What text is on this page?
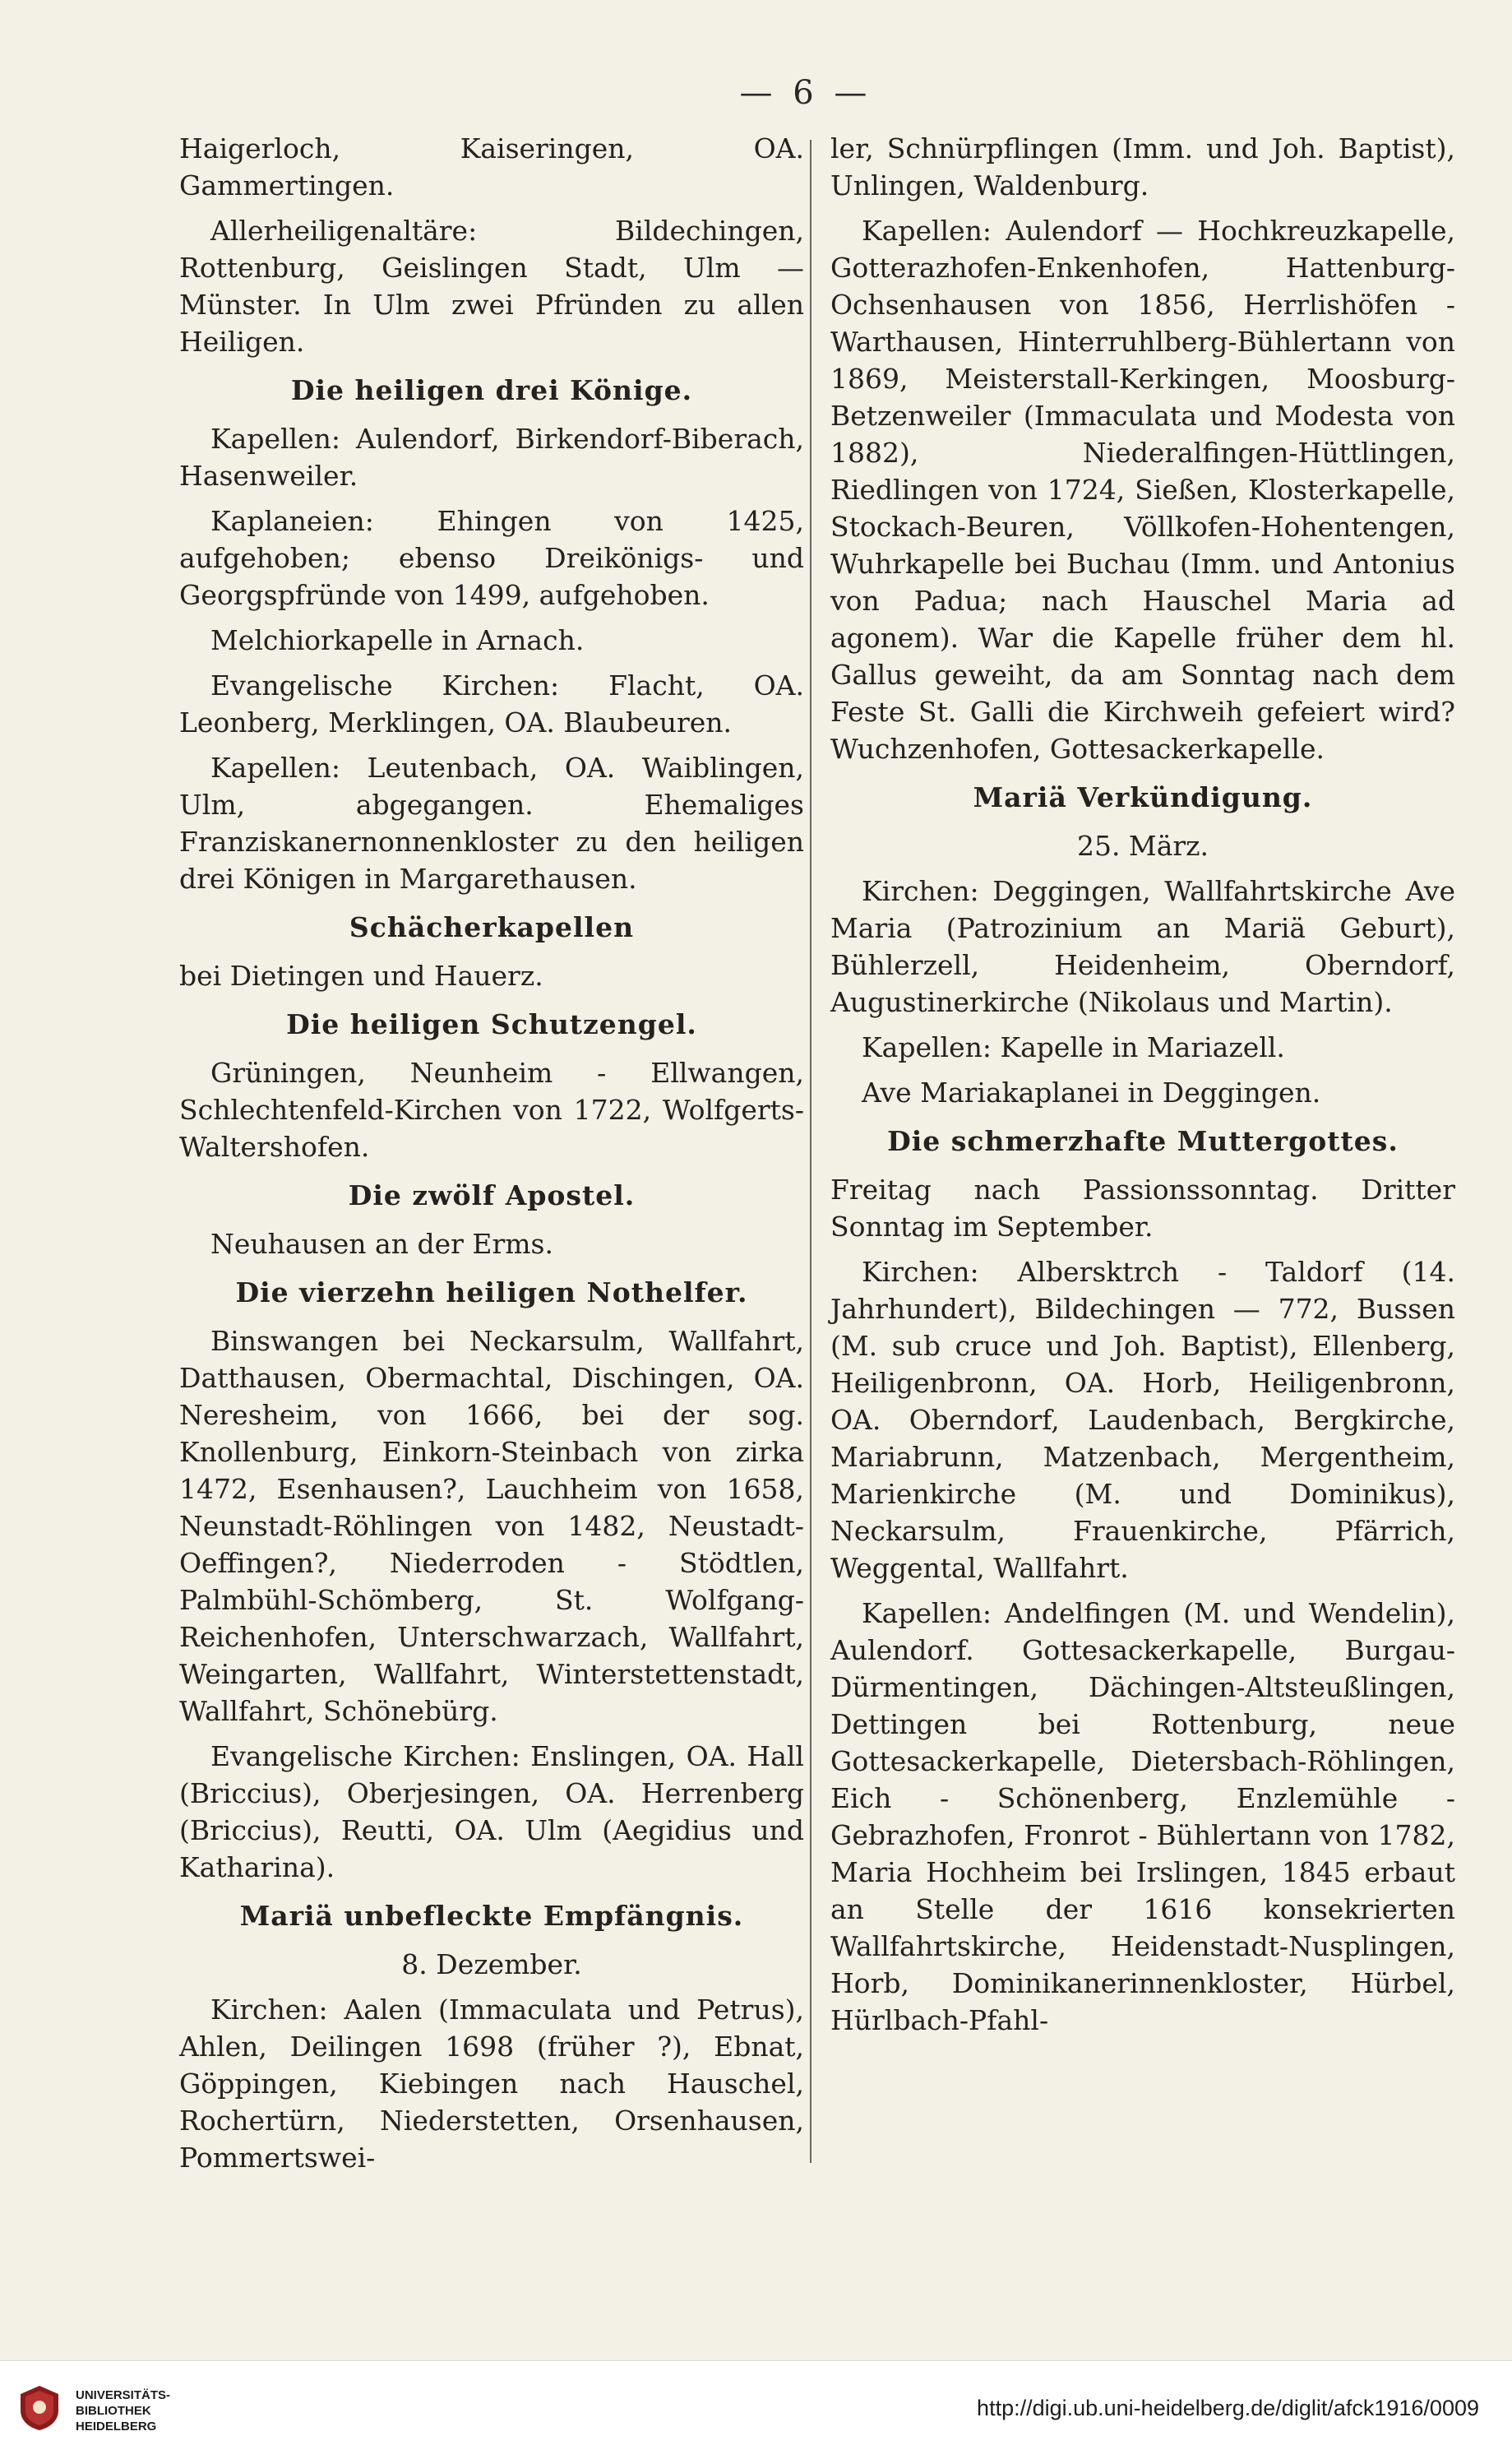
— 6 —

Haigerloch, Kaiseringen, OA. Gammertingen.

Allerheiligenaltäre: Bildechingen, Rottenburg, Geislingen Stadt, Ulm — Münster. In Ulm zwei Pfründen zu allen Heiligen.

Die heiligen drei Könige.

Kapellen: Aulendorf, Birkendorf-Biberach, Hasenweiler.

Kaplaneien: Ehingen von 1425, aufgehoben; ebenso Dreikönigs- und Georgspfründe von 1499, aufgehoben.

Melchiorkapelle in Arnach.

Evangelische Kirchen: Flacht, OA. Leonberg, Merklingen, OA. Blaubeuren.

Kapellen: Leutenbach, OA. Waiblingen, Ulm, abgegangen. Ehemaliges Franziskanernonnenkloster zu den heiligen drei Königen in Margarethausen.

Schächerkapellen

bei Dietingen und Hauerz.

Die heiligen Schutzengel.

Grüningen, Neunheim - Ellwangen, Schlechtenfeld-Kirchen von 1722, Wolfgerts-Waltershofen.

Die zwölf Apostel.

Neuhausen an der Erms.

Die vierzehn heiligen Nothelfer.

Binswangen bei Neckarsulm, Wallfahrt, Datthausen, Obermachtal, Dischingen, OA. Neresheim, von 1666, bei der sog. Knollenburg, Einkorn-Steinbach von zirka 1472, Esenhausen?, Lauchheim von 1658, Neunstadt-Röhlingen von 1482, Neustadt-Oeffingen?, Niederroden - Stödtlen, Palmbühl-Schömberg, St. Wolfgang-Reichenhofen, Unterschwarzach, Wallfahrt, Weingarten, Wallfahrt, Winterstettenstadt, Wallfahrt, Schönebürg.

Evangelische Kirchen: Enslingen, OA. Hall (Briccius), Oberjesingen, OA. Herrenberg (Briccius), Reutti, OA. Ulm (Aegidius und Katharina).

Mariä unbefleckte Empfängnis.
8. Dezember.

Kirchen: Aalen (Immaculata und Petrus), Ahlen, Deilingen 1698 (früher ?), Ebnat, Göppingen, Kiebingen nach Hauschel, Rochertürn, Niederstetten, Orsenhausen, Pommertswei-

ler, Schnürpflingen (Imm. und Joh. Baptist), Unlingen, Waldenburg.

Kapellen: Aulendorf — Hochkreuzkapelle, Gotterazhofen-Enkenhofen, Hattenburg-Ochsenhausen von 1856, Herrlishöfen - Warthausen, Hinterruhlberg-Bühlertann von 1869, Meisterstall-Kerkingen, Moosburg-Betzenweiler (Immaculata und Modesta von 1882), Niederalfingen-Hüttlingen, Riedlingen von 1724, Sießen, Klosterkapelle, Stockach-Beuren, Völlkofen-Hohentengen, Wuhrkapelle bei Buchau (Imm. und Antonius von Padua; nach Hauschel Maria ad agonem). War die Kapelle früher dem hl. Gallus geweiht, da am Sonntag nach dem Feste St. Galli die Kirchweih gefeiert wird? Wuchzenhofen, Gottesackerkapelle.

Mariä Verkündigung.
25. März.

Kirchen: Deggingen, Wallfahrtskirche Ave Maria (Patrozinium an Mariä Geburt), Bühlerzell, Heidenheim, Oberndorf, Augustinerkirche (Nikolaus und Martin).

Kapellen: Kapelle in Mariazell.

Ave Mariakaplanei in Deggingen.

Die schmerzhafte Muttergottes.

Freitag nach Passionssonntag. Dritter Sonntag im September.

Kirchen: Albersktrch - Taldorf (14. Jahrhundert), Bildechingen — 772, Bussen (M. sub cruce und Joh. Baptist), Ellenberg, Heiligenbronn, OA. Horb, Heiligenbronn, OA. Oberndorf, Laudenbach, Bergkirche, Mariabrunn, Matzenbach, Mergentheim, Marienkirche (M. und Dominikus), Neckarsulm, Frauenkirche, Pfärrich, Weggental, Wallfahrt.

Kapellen: Andelfingen (M. und Wendelin), Aulendorf. Gottesackerkapelle, Burgau-Dürmentingen, Dächingen-Altsteußlingen, Dettingen bei Rottenburg, neue Gottesackerkapelle, Dietersbach-Röhlingen, Eich - Schönenberg, Enzlemühle - Gebrazhofen, Fronrot - Bühlertann von 1782, Maria Hochheim bei Irslingen, 1845 erbaut an Stelle der 1616 konsekrierten Wallfahrtskirche, Heidenstadt-Nusplingen, Horb, Dominikanerinnenkloster, Hürbel, Hürlbach-Pfahl-

UNIVERSITÄTS-
BIBLIOTHEK
HEIDELBERG
http://digi.ub.uni-heidelberg.de/diglit/afck1916/0009
